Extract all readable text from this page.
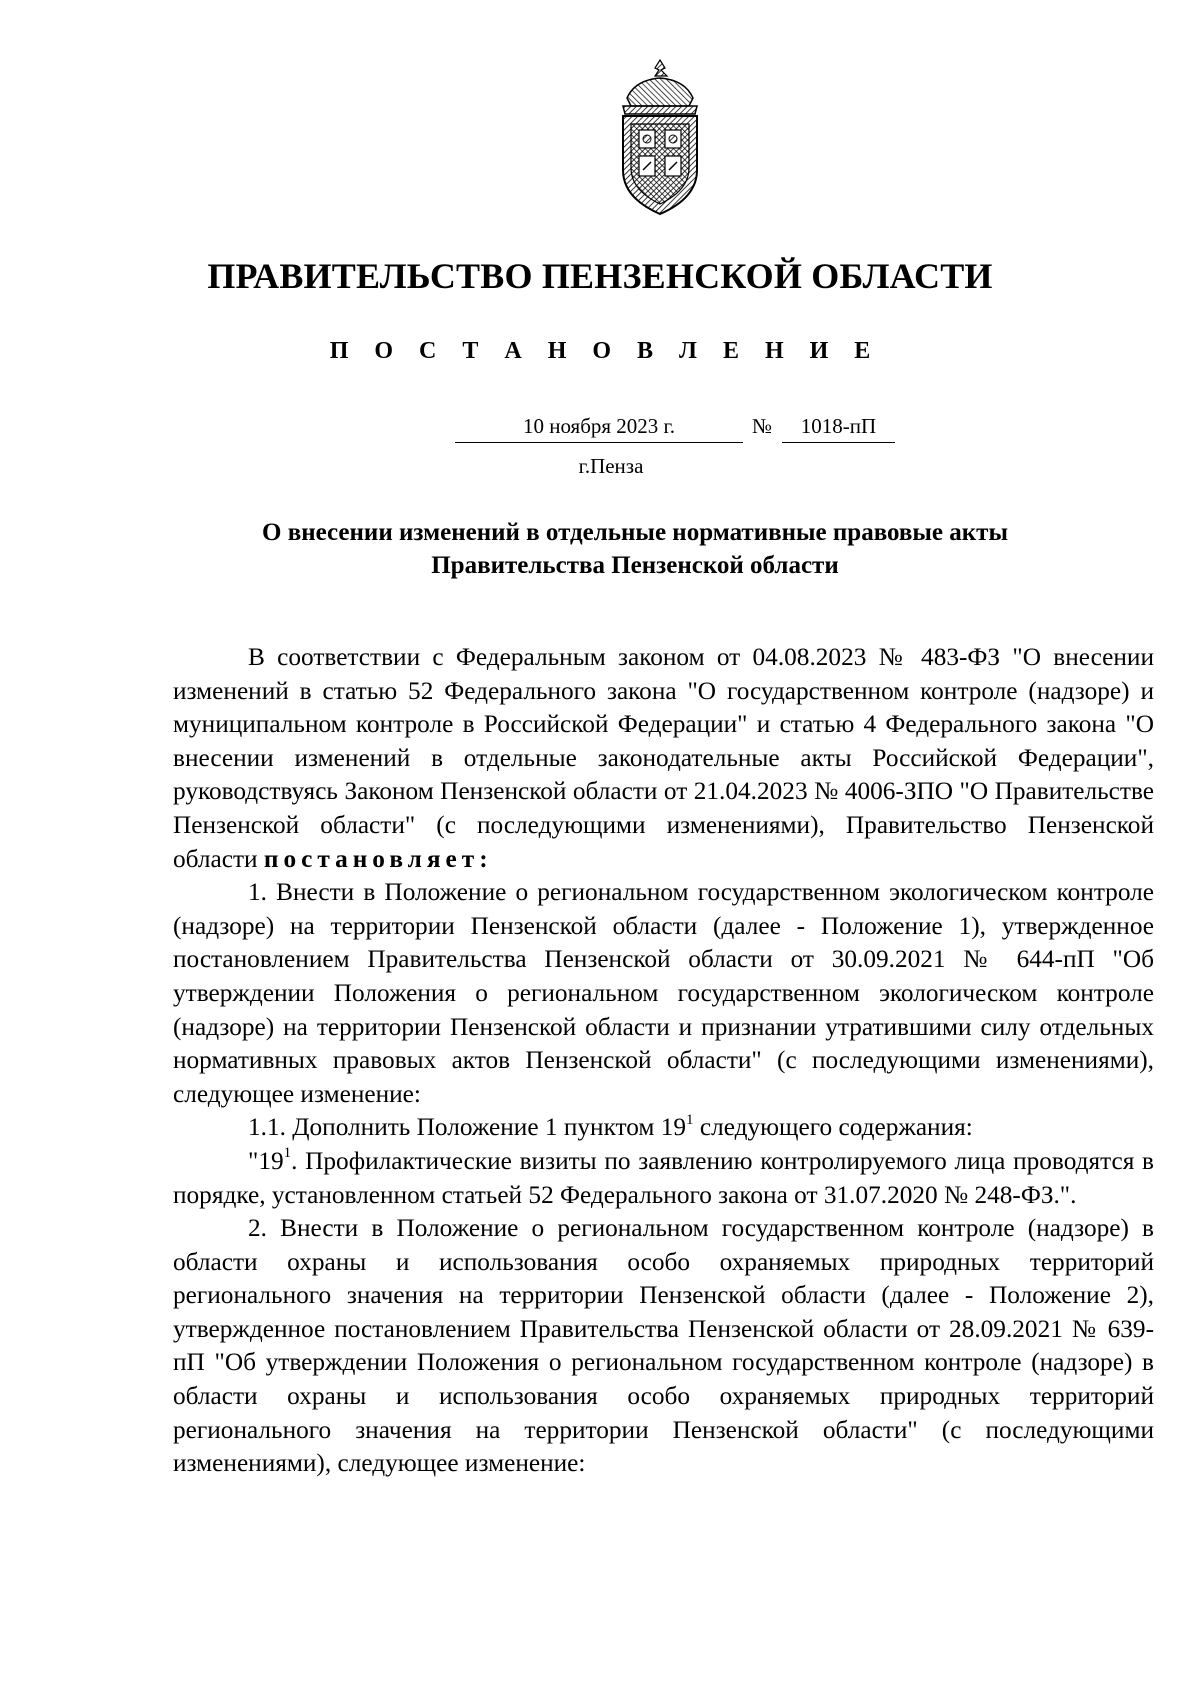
ПРАВИТЕЛЬСТВО ПЕНЗЕНСКОЙ ОБЛАСТИ
П О С Т А Н О В Л Е Н И Е
10 ноября 2023 г.	№	1018-пП
г.Пенза
О внесении изменений в отдельные нормативные правовые акты
Правительства Пензенской области

В соответствии с Федеральным законом от 04.08.2023 № 483-ФЗ "О внесении изменений в статью 52 Федерального закона "О государственном контроле (надзоре) и муниципальном контроле в Российской Федерации" и статью 4 Федерального закона "О внесении изменений в отдельные законодательные акты Российской Федерации", руководствуясь Законом Пензенской области от 21.04.2023 № 4006-ЗПО "О Правительстве Пензенской области" (с последующими изменениями), Правительство Пензенской области постановляет:

1. Внести в Положение о региональном государственном экологическом контроле (надзоре) на территории Пензенской области (далее - Положение 1), утвержденное постановлением Правительства Пензенской области от 30.09.2021 № 644-пП "Об утверждении Положения о региональном государственном экологическом контроле (надзоре) на территории Пензенской области и признании утратившими силу отдельных нормативных правовых актов Пензенской области" (с последующими изменениями), следующее изменение:

1.1. Дополнить Положение 1 пунктом $19^1$ следующего содержания:

"$19^1$. Профилактические визиты по заявлению контролируемого лица проводятся в порядке, установленном статьей 52 Федерального закона от 31.07.2020 № 248-ФЗ.".

2. Внести в Положение о региональном государственном контроле (надзоре) в области охраны и использования особо охраняемых природных территорий регионального значения на территории Пензенской области (далее - Положение 2), утвержденное постановлением Правительства Пензенской области от 28.09.2021 № 639-пП "Об утверждении Положения о региональном государственном контроле (надзоре) в области охраны и использования особо охраняемых природных территорий регионального значения на территории Пензенской области" (с последующими изменениями), следующее изменение:
